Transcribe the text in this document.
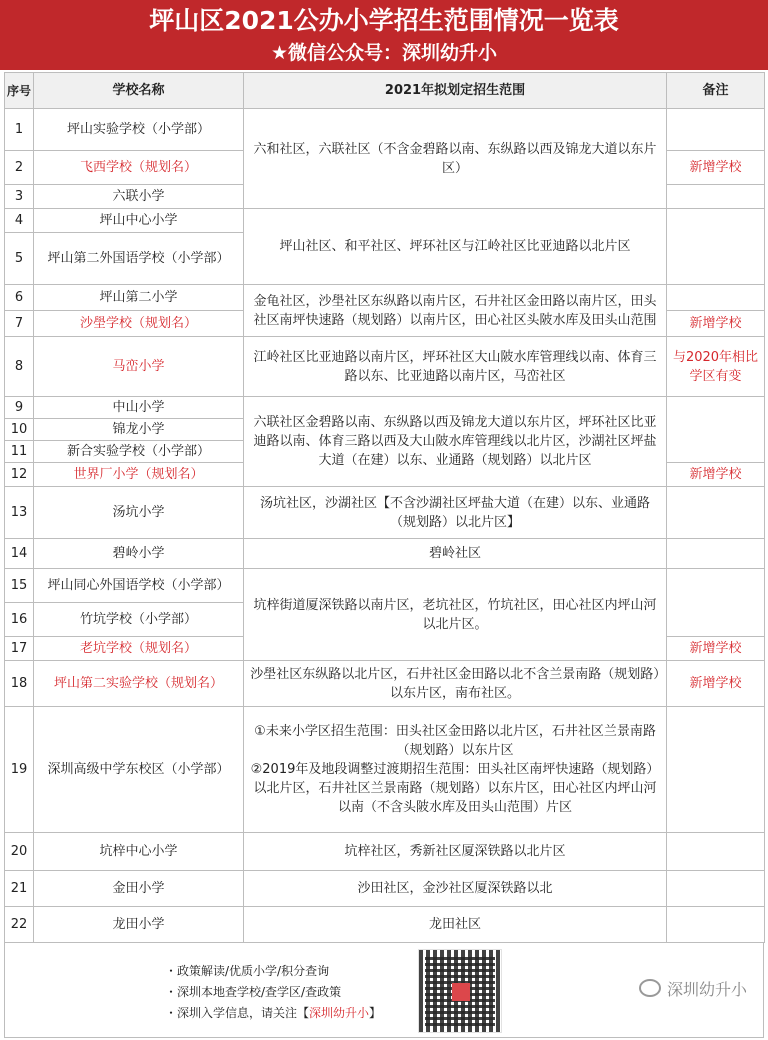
坪山区2021公办小学招生范围情况一览表
★微信公众号：深圳幼升小
序号	学校名称	2021年拟划定招生范围	备注
1	坪山实验学校（小学部）	六和社区，六联社区（不含金碧路以南、东纵路以西及锦龙大道以东片区）	
2	飞西学校（规划名）		新增学校
3	六联小学		
4	坪山中心小学	坪山社区、和平社区、坪环社区与江岭社区比亚迪路以北片区	
5	坪山第二外国语学校（小学部）		
6	坪山第二小学	金龟社区，沙壆社区东纵路以南片区，石井社区金田路以南片区，田头社区南坪快速路（规划路）以南片区，田心社区头陂水库及田头山范围	
7	沙壆学校（规划名）		新增学校
8	马峦小学	江岭社区比亚迪路以南片区，坪环社区大山陂水库管理线以南、体育三路以东、比亚迪路以南片区，马峦社区	与2020年相比学区有变
9	中山小学	六联社区金碧路以南、东纵路以西及锦龙大道以东片区，坪环社区比亚迪路以南、体育三路以西及大山陂水库管理线以北片区，沙湖社区坪盐大道（在建）以东、业通路（规划路）以北片区	
10	锦龙小学		
11	新合实验学校（小学部）		
12	世界厂小学（规划名）		新增学校
13	汤坑小学	汤坑社区，沙湖社区【不含沙湖社区坪盐大道（在建）以东、业通路（规划路）以北片区】	
14	碧岭小学	碧岭社区	
15	坪山同心外国语学校（小学部）	坑梓街道厦深铁路以南片区，老坑社区，竹坑社区，田心社区内坪山河以北片区。	
16	竹坑学校（小学部）		
17	老坑学校（规划名）		新增学校
18	坪山第二实验学校（规划名）	沙壆社区东纵路以北片区，石井社区金田路以北不含兰景南路（规划路）以东片区，南布社区。	新增学校
19	深圳高级中学东校区（小学部）	①未来小学区招生范围：田头社区金田路以北片区，石井社区兰景南路（规划路）以东片区
②2019年及地段调整过渡期招生范围：田头社区南坪快速路（规划路）以北片区，石井社区兰景南路（规划路）以东片区，田心社区内坪山河以南（不含头陂水库及田头山范围）片区	

20	坑梓中心小学	坑梓社区，秀新社区厦深铁路以北片区	
21	金田小学	沙田社区，金沙社区厦深铁路以北	
22	龙田小学	龙田社区	
・政策解读/优质小学/积分查询
・深圳本地查学校/查学区/查政策
・深圳入学信息，请关注【深圳幼升小】
深圳幼升小
